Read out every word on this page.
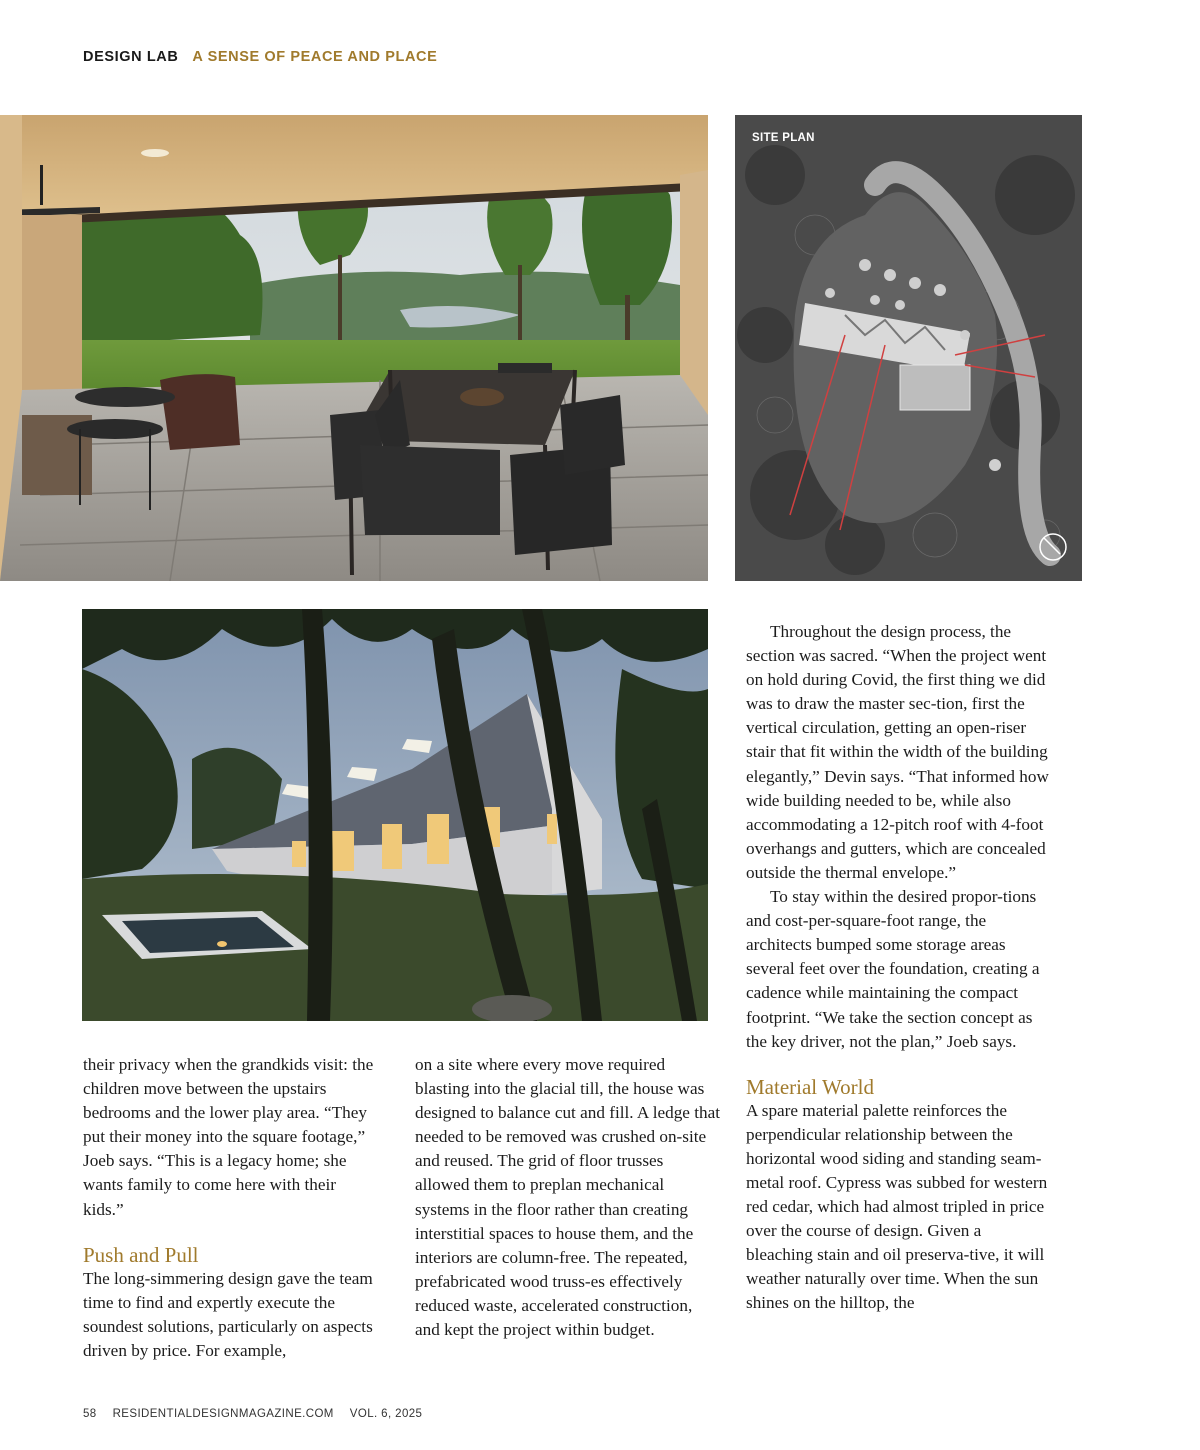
DESIGN LAB A SENSE OF PEACE AND PLACE
SITE PLAN

Throughout the design process, the section was sacred. “When the project went on hold during Covid, the first thing we did was to draw the master sec-tion, first the vertical circulation, getting an open-riser stair that fit within the width of the building elegantly,” Devin says. “That informed how wide building needed to be, while also accommodating a 12-pitch roof with 4-foot overhangs and gutters, which are concealed outside the thermal envelope.”

To stay within the desired propor-tions and cost-per-square-foot range, the architects bumped some storage areas several feet over the foundation, creating a cadence while maintaining the compact footprint. “We take the section concept as the key driver, not the plan,” Joeb says.

Material World

A spare material palette reinforces the perpendicular relationship between the horizontal wood siding and standing seam-metal roof. Cypress was subbed for western red cedar, which had almost tripled in price over the course of design. Given a bleaching stain and oil preserva-tive, it will weather naturally over time. When the sun shines on the hilltop, the

their privacy when the grandkids visit: the children move between the upstairs bedrooms and the lower play area. “They put their money into the square footage,” Joeb says. “This is a legacy home; she wants family to come here with their kids.”

Push and Pull

The long-simmering design gave the team time to find and expertly execute the soundest solutions, particularly on aspects driven by price. For example,

on a site where every move required blasting into the glacial till, the house was designed to balance cut and fill. A ledge that needed to be removed was crushed on-site and reused. The grid of floor trusses allowed them to preplan mechanical systems in the floor rather than creating interstitial spaces to house them, and the interiors are column-free. The repeated, prefabricated wood truss-es effectively reduced waste, accelerated construction, and kept the project within budget.

58 RESIDENTIALDESIGNMAGAZINE.COM VOL. 6, 2025
